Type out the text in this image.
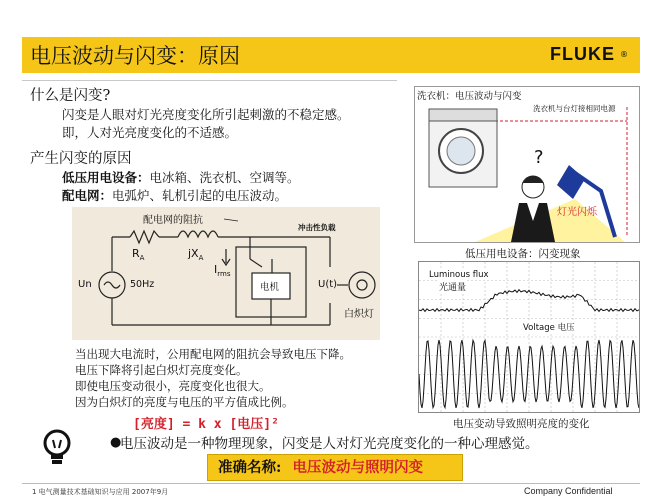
电压波动与闪变：原因	FLUKE ®
什么是闪变?
闪变是人眼对灯光亮度变化所引起刺激的不稳定感。
即，人对光亮度变化的不适感。
产生闪变的原因
低压用电设备：电冰箱、洗衣机、空调等。
配电网：电弧炉、轧机引起的电压波动。
配电网的阻抗
$R_A$	$jX_A$
$I_{rms}$
冲击性负载
电机
Un	50Hz	U(t)
白炽灯
当出现大电流时，公用配电网的阻抗会导致电压下降。
电压下降将引起白炽灯亮度变化。
即使电压变动很小，亮度变化也很大。
因为白炽灯的亮度与电压的平方值成比例。
[亮度] = k x [电压]²
洗衣机：电压波动与闪变
洗衣机与台灯接相同电源
?
灯光闪烁
低压用电设备：闪变现象
Luminous flux
光通量
Voltage 电压
电压变动导致照明亮度的变化
●
电压波动是一种物理现象，闪变是人对灯光亮度变化的一种心理感觉。
准确名称: 电压波动与照明闪变
1 电气测量技术基础知识与应用 2007年9月	Company Confidential
